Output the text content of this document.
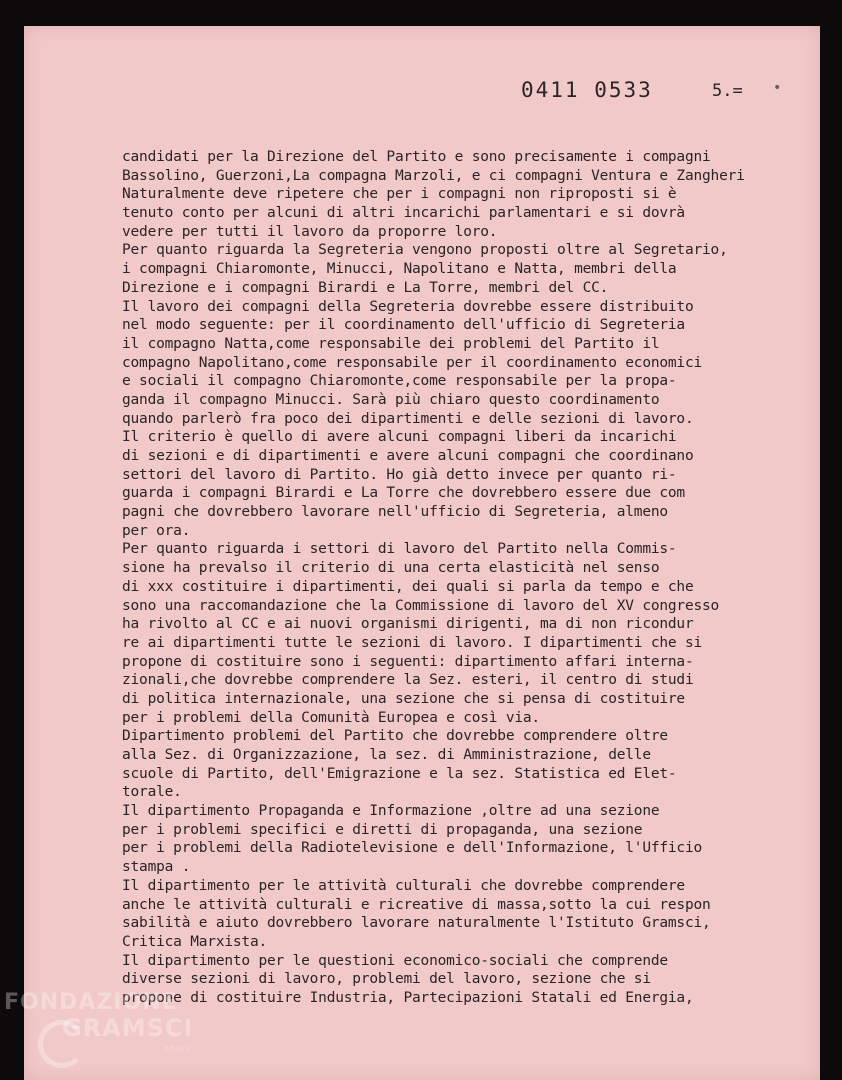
0411 0533	5.= •
candidati per la Direzione del Partito e sono precisamente i compagni
Bassolino, Guerzoni,La compagna Marzoli, e ci compagni Ventura e Zangheri
Naturalmente deve ripetere che per i compagni non riproposti si è
tenuto conto per alcuni di altri incarichi parlamentari e si dovrà
vedere per tutti il lavoro da proporre loro.
Per quanto riguarda la Segreteria vengono proposti oltre al Segretario,
i compagni Chiaromonte, Minucci, Napolitano e Natta, membri della
Direzione e i compagni Birardi e La Torre, membri del CC.
Il lavoro dei compagni della Segreteria dovrebbe essere distribuito
nel modo seguente: per il coordinamento dell'ufficio di Segreteria
il compagno Natta,come responsabile dei problemi del Partito il
compagno Napolitano,come responsabile per il coordinamento economici
e sociali il compagno Chiaromonte,come responsabile per la propa-
ganda il compagno Minucci. Sarà più chiaro questo coordinamento
quando parlerò fra poco dei dipartimenti e delle sezioni di lavoro.
Il criterio è quello di avere alcuni compagni liberi da incarichi
di sezioni e di dipartimenti e avere alcuni compagni che coordinano
settori del lavoro di Partito. Ho già detto invece per quanto ri-
guarda i compagni Birardi e La Torre che dovrebbero essere due com
pagni che dovrebbero lavorare nell'ufficio di Segreteria, almeno
per ora.
Per quanto riguarda i settori di lavoro del Partito nella Commis-
sione ha prevalso il criterio di una certa elasticità nel senso
di xxx costituire i dipartimenti, dei quali si parla da tempo e che
sono una raccomandazione che la Commissione di lavoro del XV congresso
ha rivolto al CC e ai nuovi organismi dirigenti, ma di non ricondur
re ai dipartimenti tutte le sezioni di lavoro. I dipartimenti che si
propone di costituire sono i seguenti: dipartimento affari interna-
zionali,che dovrebbe comprendere la Sez. esteri, il centro di studi
di politica internazionale, una sezione che si pensa di costituire
per i problemi della Comunità Europea e così via.
Dipartimento problemi del Partito che dovrebbe comprendere oltre
alla Sez. di Organizzazione, la sez. di Amministrazione, delle
scuole di Partito, dell'Emigrazione e la sez. Statistica ed Elet-
torale.
Il dipartimento Propaganda e Informazione ,oltre ad una sezione
per i problemi specifici e diretti di propaganda, una sezione
per i problemi della Radiotelevisione e dell'Informazione, l'Ufficio
stampa .
Il dipartimento per le attività culturali che dovrebbe comprendere
anche le attività culturali e ricreative di massa,sotto la cui respon
sabilità e aiuto dovrebbero lavorare naturalmente l'Istituto Gramsci,
Critica Marxista.
Il dipartimento per le questioni economico-sociali che comprende
diverse sezioni di lavoro, problemi del lavoro, sezione che si
propone di costituire Industria, Partecipazioni Statali ed Energia,
FONDAZIONE
GRAMSCI
onlus
